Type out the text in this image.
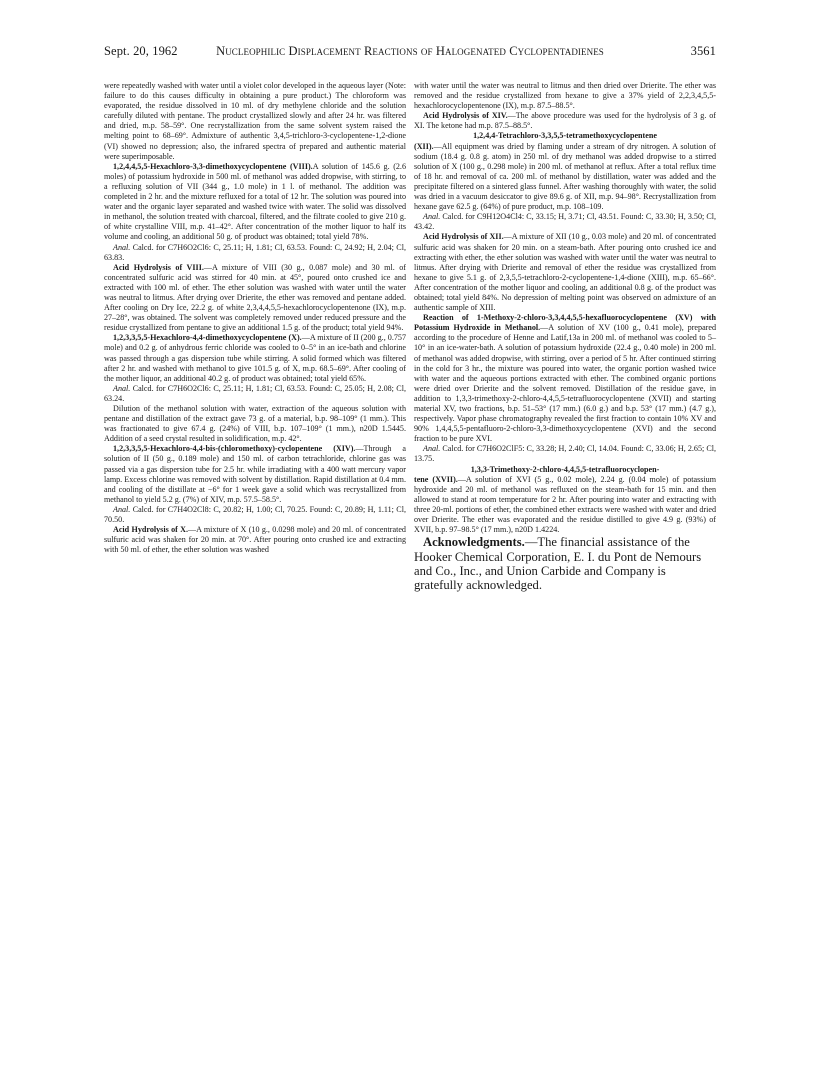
Sept. 20, 1962	Nucleophilic Displacement Reactions of Halogenated Cyclopentadienes	3561

were repeatedly washed with water until a violet color developed in the aqueous layer (Note: failure to do this causes difficulty in obtaining a pure product.) The chloroform was evaporated, the residue dissolved in 10 ml. of dry methylene chloride and the solution carefully diluted with pentane. The product crystallized slowly and after 24 hr. was filtered and dried, m.p. 58–59°. One recrystallization from the same solvent system raised the melting point to 68–69°. Admixture of authentic 3,4,5-trichloro-3-cyclopentene-1,2-dione (VI) showed no depression; also, the infrared spectra of prepared and authentic material were superimposable.

1,2,4,4,5,5-Hexachloro-3,3-dimethoxycyclopentene (VIII).A solution of 145.6 g. (2.6 moles) of potassium hydroxide in 500 ml. of methanol was added dropwise, with stirring, to a refluxing solution of VII (344 g., 1.0 mole) in 1 l. of methanol. The addition was completed in 2 hr. and the mixture refluxed for a total of 12 hr. The solution was poured into water and the organic layer separated and washed twice with water. The solid was dissolved in methanol, the solution treated with charcoal, filtered, and the filtrate cooled to give 210 g. of white crystalline VIII, m.p. 41–42°. After concentration of the mother liquor to half its volume and cooling, an additional 50 g. of product was obtained; total yield 78%.

Anal. Calcd. for C7H6O2Cl6: C, 25.11; H, 1.81; Cl, 63.53. Found: C, 24.92; H, 2.04; Cl, 63.83.

Acid Hydrolysis of VIII.—A mixture of VIII (30 g., 0.087 mole) and 30 ml. of concentrated sulfuric acid was stirred for 40 min. at 45°, poured onto crushed ice and extracted with 100 ml. of ether. The ether solution was washed with water until the water was neutral to litmus. After drying over Drierite, the ether was removed and pentane added. After cooling on Dry Ice, 22.2 g. of white 2,3,4,4,5,5-hexachlorocyclopentenone (IX), m.p. 27–28°, was obtained. The solvent was completely removed under reduced pressure and the residue crystallized from pentane to give an additional 1.5 g. of the product; total yield 94%.

1,2,3,3,5,5-Hexachloro-4,4-dimethoxycyclopentene (X).—A mixture of II (200 g., 0.757 mole) and 0.2 g. of anhydrous ferric chloride was cooled to 0–5° in an ice-bath and chlorine was passed through a gas dispersion tube while stirring. A solid formed which was filtered after 2 hr. and washed with methanol to give 101.5 g. of X, m.p. 68.5–69°. After cooling of the mother liquor, an additional 40.2 g. of product was obtained; total yield 65%.

Anal. Calcd. for C7H6O2Cl6: C, 25.11; H, 1.81; Cl, 63.53. Found: C, 25.05; H, 2.08; Cl, 63.24.

Dilution of the methanol solution with water, extraction of the aqueous solution with pentane and distillation of the extract gave 73 g. of a material, b.p. 98–109° (1 mm.). This was fractionated to give 67.4 g. (24%) of VIII, b.p. 107–109° (1 mm.), n20D 1.5445. Addition of a seed crystal resulted in solidification, m.p. 42°.

1,2,3,3,5,5-Hexachloro-4,4-bis-(chloromethoxy)-cyclopentene (XIV).—Through a solution of II (50 g., 0.189 mole) and 150 ml. of carbon tetrachloride, chlorine gas was passed via a gas dispersion tube for 2.5 hr. while irradiating with a 400 watt mercury vapor lamp. Excess chlorine was removed with solvent by distillation. Rapid distillation at 0.4 mm. and cooling of the distillate at −6° for 1 week gave a solid which was recrystallized from methanol to yield 5.2 g. (7%) of XIV, m.p. 57.5–58.5°.

Anal. Calcd. for C7H4O2Cl8: C, 20.82; H, 1.00; Cl, 70.25. Found: C, 20.89; H, 1.11; Cl, 70.50.

Acid Hydrolysis of X.—A mixture of X (10 g., 0.0298 mole) and 20 ml. of concentrated sulfuric acid was shaken for 20 min. at 70°. After pouring onto crushed ice and extracting with 50 ml. of ether, the ether solution was washed

with water until the water was neutral to litmus and then dried over Drierite. The ether was removed and the residue crystallized from hexane to give a 37% yield of 2,2,3,4,5,5-hexachlorocyclopentenone (IX), m.p. 87.5–88.5°.

Acid Hydrolysis of XIV.—The above procedure was used for the hydrolysis of 3 g. of XI. The ketone had m.p. 87.5–88.5°.

1,2,4,4-Tetrachloro-3,3,5,5-tetramethoxycyclopentene

(XII).—All equipment was dried by flaming under a stream of dry nitrogen. A solution of sodium (18.4 g. 0.8 g. atom) in 250 ml. of dry methanol was added dropwise to a stirred solution of X (100 g., 0.298 mole) in 200 ml. of methanol at reflux. After a total reflux time of 18 hr. and removal of ca. 200 ml. of methanol by distillation, water was added and the precipitate filtered on a sintered glass funnel. After washing thoroughly with water, the solid was dried in a vacuum desiccator to give 89.6 g. of XII, m.p. 94–98°. Recrystallization from hexane gave 62.5 g. (64%) of pure product, m.p. 108–109.

Anal. Calcd. for C9H12O4Cl4: C, 33.15; H, 3.71; Cl, 43.51. Found: C, 33.30; H, 3.50; Cl, 43.42.

Acid Hydrolysis of XII.—A mixture of XII (10 g., 0.03 mole) and 20 ml. of concentrated sulfuric acid was shaken for 20 min. on a steam-bath. After pouring onto crushed ice and extracting with ether, the ether solution was washed with water until the water was neutral to litmus. After drying with Drierite and removal of ether the residue was crystallized from hexane to give 5.1 g. of 2,3,5,5-tetrachloro-2-cyclopentene-1,4-dione (XIII), m.p. 65–66°. After concentration of the mother liquor and cooling, an additional 0.8 g. of the product was obtained; total yield 84%. No depression of melting point was observed on admixture of an authentic sample of XIII.

Reaction of 1-Methoxy-2-chloro-3,3,4,4,5,5-hexafluorocyclopentene (XV) with Potassium Hydroxide in Methanol.—A solution of XV (100 g., 0.41 mole), prepared according to the procedure of Henne and Latif,13a in 200 ml. of methanol was cooled to 5–10° in an ice-water-bath. A solution of potassium hydroxide (22.4 g., 0.40 mole) in 200 ml. of methanol was added dropwise, with stirring, over a period of 5 hr. After continued stirring in the cold for 3 hr., the mixture was poured into water, the organic portion washed twice with water and the aqueous portions extracted with ether. The combined organic portions were dried over Drierite and the solvent removed. Distillation of the residue gave, in addition to 1,3,3-trimethoxy-2-chloro-4,4,5,5-tetrafluorocyclopentene (XVII) and starting material XV, two fractions, b.p. 51–53° (17 mm.) (6.0 g.) and b.p. 53° (17 mm.) (4.7 g.), respectively. Vapor phase chromatography revealed the first fraction to contain 10% XV and 90% 1,4,4,5,5-pentafluoro-2-chloro-3,3-dimethoxycyclopentene (XVI) and the second fraction to be pure XVI.

Anal. Calcd. for C7H6O2ClF5: C, 33.28; H, 2.40; Cl, 14.04. Found: C, 33.06; H, 2.65; Cl, 13.75.

1,3,3-Trimethoxy-2-chloro-4,4,5,5-tetrafluorocyclopen-

tene (XVII).—A solution of XVI (5 g., 0.02 mole), 2.24 g. (0.04 mole) of potassium hydroxide and 20 ml. of methanol was refluxed on the steam-bath for 15 min. and then allowed to stand at room temperature for 2 hr. After pouring into water and extracting with three 20-ml. portions of ether, the combined ether extracts were washed with water and dried over Drierite. The ether was evaporated and the residue distilled to give 4.9 g. (93%) of XVII, b.p. 97–98.5° (17 mm.), n20D 1.4224.

Acknowledgments.—The financial assistance of the Hooker Chemical Corporation, E. I. du Pont de Nemours and Co., Inc., and Union Carbide and Company is gratefully acknowledged.
